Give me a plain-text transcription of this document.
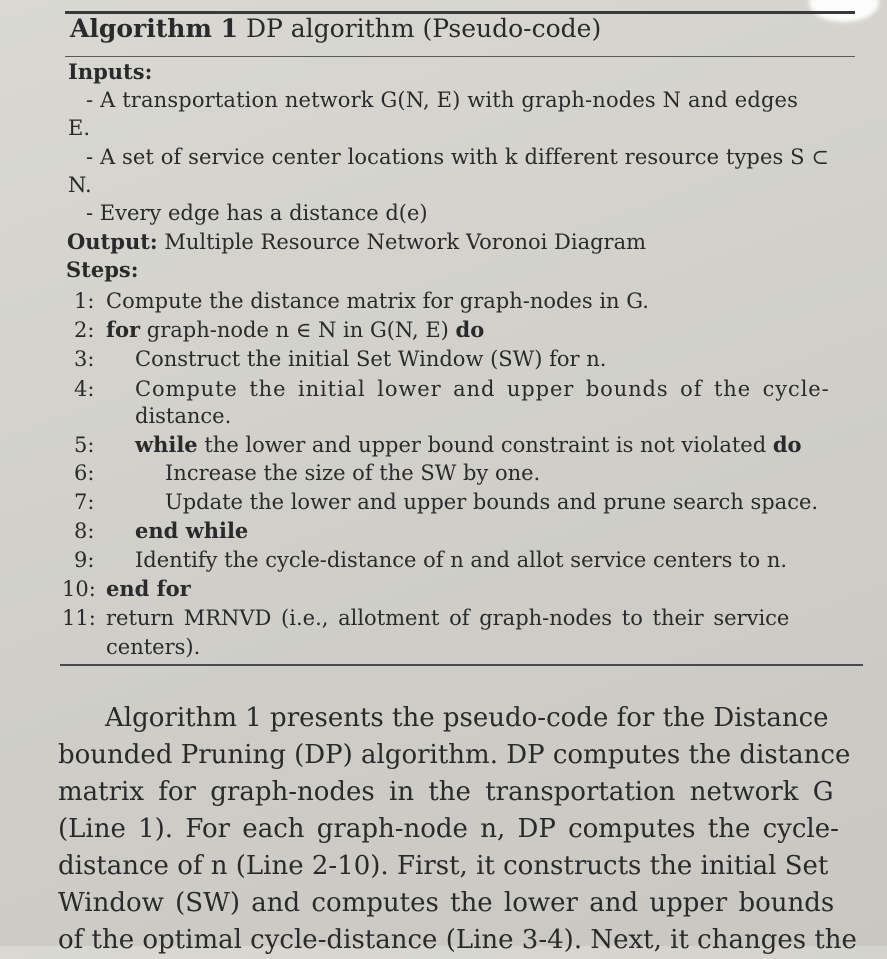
Algorithm 1 DP algorithm (Pseudo-code)
Inputs:
- A transportation network G(N, E) with graph-nodes N and edges
E.
- A set of service center locations with k different resource types S ⊂
N.
- Every edge has a distance d(e)
Output: Multiple Resource Network Voronoi Diagram
Steps:
1: Compute the distance matrix for graph-nodes in G.
2: for graph-node n ∈ N in G(N, E) do
3: Construct the initial Set Window (SW) for n.
4: Compute the initial lower and upper bounds of the cycle-
distance.
5: while the lower and upper bound constraint is not violated do
6:	Increase the size of the SW by one.
7:	Update the lower and upper bounds and prune search space.
8: end while
9: Identify the cycle-distance of n and allot service centers to n.
10: end for
11: return MRNVD (i.e., allotment of graph-nodes to their service
centers).
Algorithm 1 presents the pseudo-code for the Distance
bounded Pruning (DP) algorithm. DP computes the distance
matrix for graph-nodes in the transportation network G
(Line 1). For each graph-node n, DP computes the cycle-
distance of n (Line 2-10). First, it constructs the initial Set
Window (SW) and computes the lower and upper bounds
of the optimal cycle-distance (Line 3-4). Next, it changes the
